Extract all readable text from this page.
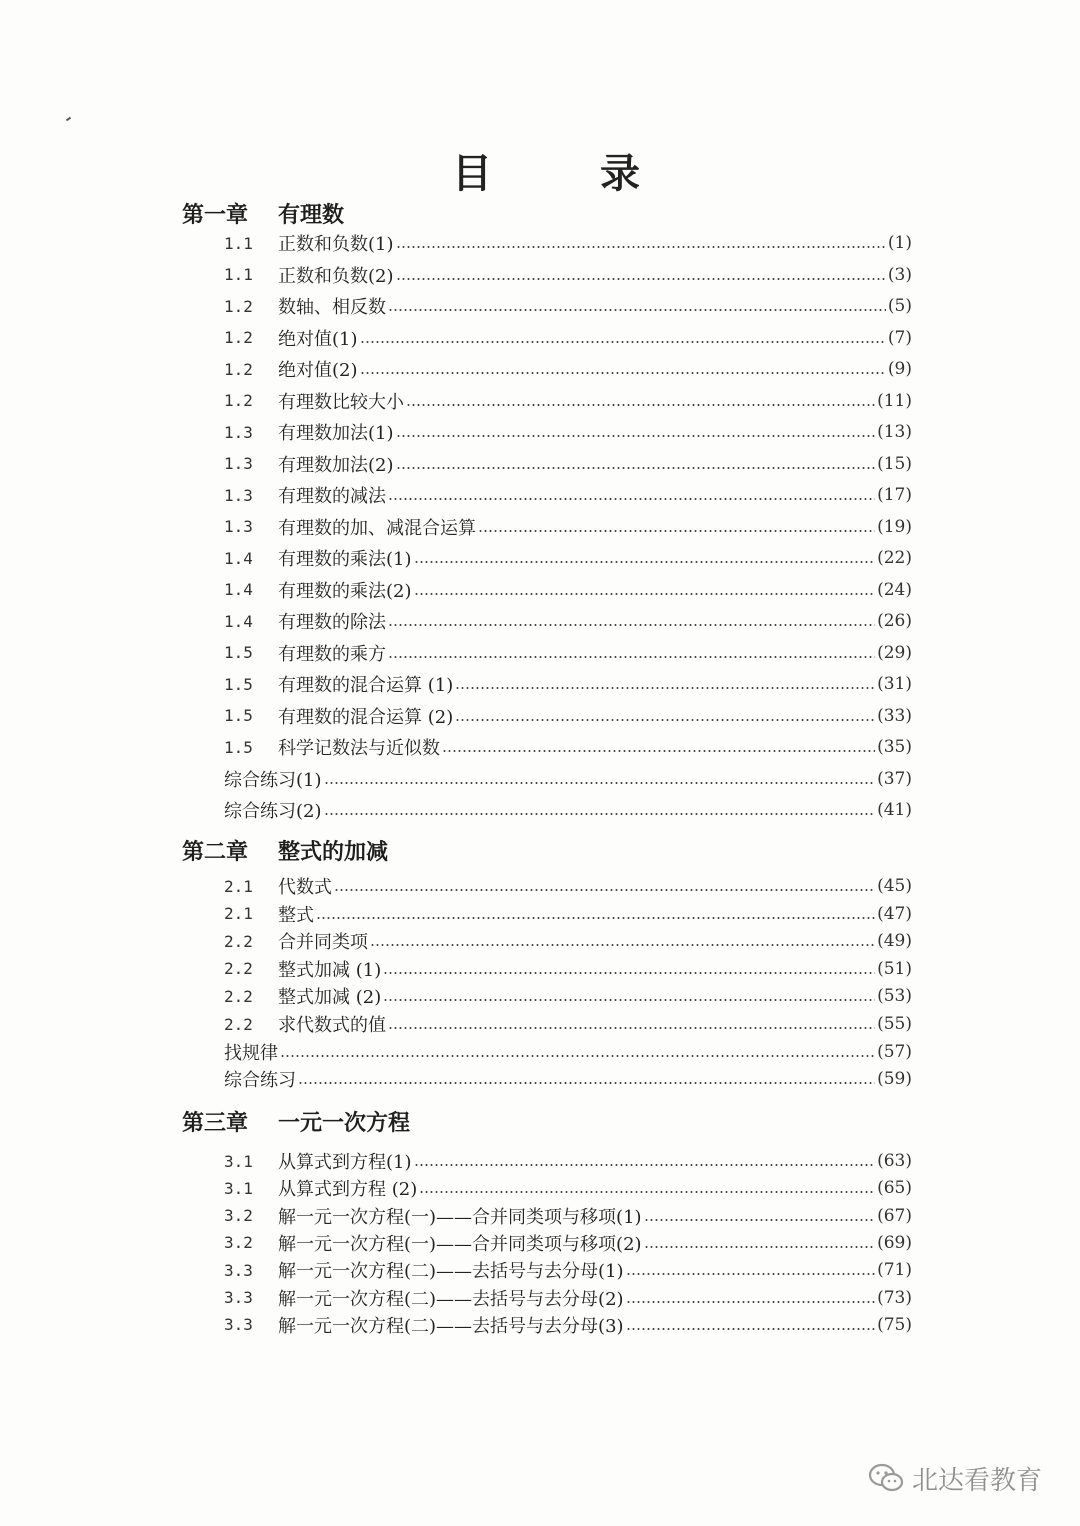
目	录
第一章 有理数
1.1	正数和负数(1)	(1)
1.1	正数和负数(2)	(3)
1.2	数轴、相反数	(5)
1.2	绝对值(1)	(7)
1.2	绝对值(2)	(9)
1.2	有理数比较大小	(11)
1.3	有理数加法(1)	(13)
1.3	有理数加法(2)	(15)
1.3	有理数的减法	(17)
1.3	有理数的加、减混合运算	(19)
1.4	有理数的乘法(1)	(22)
1.4	有理数的乘法(2)	(24)
1.4	有理数的除法	(26)
1.5	有理数的乘方	(29)
1.5	有理数的混合运算 (1)	(31)
1.5	有理数的混合运算 (2)	(33)
1.5	科学记数法与近似数	(35)
综合练习(1)	(37)
综合练习(2)	(41)
第二章 整式的加减
2.1	代数式	(45)
2.1	整式	(47)
2.2	合并同类项	(49)
2.2	整式加减 (1)	(51)
2.2	整式加减 (2)	(53)
2.2	求代数式的值	(55)
找规律	(57)
综合练习	(59)
第三章 一元一次方程
3.1	从算式到方程(1)	(63)
3.1	从算式到方程 (2)	(65)
3.2	解一元一次方程(一)——合并同类项与移项(1)	(67)
3.2	解一元一次方程(一)——合并同类项与移项(2)	(69)
3.3	解一元一次方程(二)——去括号与去分母(1)	(71)
3.3	解一元一次方程(二)——去括号与去分母(2)	(73)
3.3	解一元一次方程(二)——去括号与去分母(3)	(75)
北达看教育
